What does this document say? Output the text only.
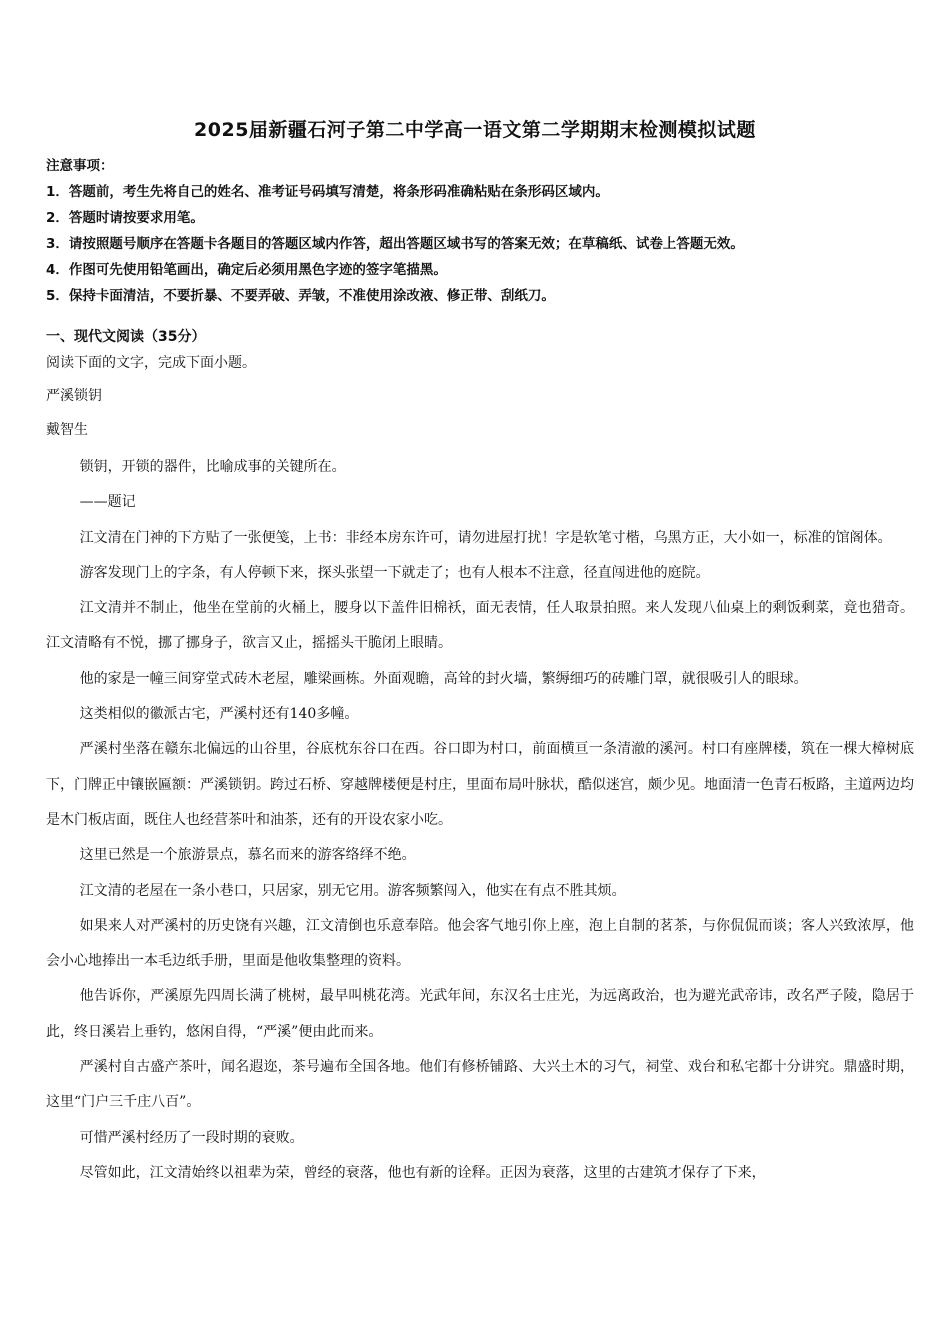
2025届新疆石河子第二中学高一语文第二学期期末检测模拟试题
注意事项：
1．答题前，考生先将自己的姓名、准考证号码填写清楚，将条形码准确粘贴在条形码区域内。
2．答题时请按要求用笔。
3．请按照题号顺序在答题卡各题目的答题区域内作答，超出答题区域书写的答案无效；在草稿纸、试卷上答题无效。
4．作图可先使用铅笔画出，确定后必须用黑色字迹的签字笔描黑。
5．保持卡面清洁，不要折暴、不要弄破、弄皱，不准使用涂改液、修正带、刮纸刀。
一、现代文阅读（35分）
阅读下面的文字，完成下面小题。
严溪锁钥
戴智生

锁钥，开锁的器件，比喻成事的关键所在。

——题记

江文清在门神的下方贴了一张便笺，上书：非经本房东许可，请勿进屋打扰！字是软笔寸楷，乌黑方正，大小如一，标准的馆阁体。

游客发现门上的字条，有人停顿下来，探头张望一下就走了；也有人根本不注意，径直闯进他的庭院。

江文清并不制止，他坐在堂前的火桶上，腰身以下盖件旧棉袄，面无表情，任人取景拍照。来人发现八仙桌上的剩饭剩菜，竟也猎奇。江文清略有不悦，挪了挪身子，欲言又止，摇摇头干脆闭上眼睛。

他的家是一幢三间穿堂式砖木老屋，雕梁画栋。外面观瞻，高耸的封火墙，繁缛细巧的砖雕门罩，就很吸引人的眼球。

这类相似的徽派古宅，严溪村还有140多幢。

严溪村坐落在赣东北偏远的山谷里，谷底枕东谷口在西。谷口即为村口，前面横亘一条清澈的溪河。村口有座牌楼，筑在一棵大樟树底下，门牌正中镶嵌匾额：严溪锁钥。跨过石桥、穿越牌楼便是村庄，里面布局叶脉状，酷似迷宫，颇少见。地面清一色青石板路，主道两边均是木门板店面，既住人也经营茶叶和油茶，还有的开设农家小吃。

这里已然是一个旅游景点，慕名而来的游客络绎不绝。

江文清的老屋在一条小巷口，只居家，别无它用。游客频繁闯入，他实在有点不胜其烦。

如果来人对严溪村的历史饶有兴趣，江文清倒也乐意奉陪。他会客气地引你上座，泡上自制的茗茶，与你侃侃而谈；客人兴致浓厚，他会小心地捧出一本毛边纸手册，里面是他收集整理的资料。

他告诉你，严溪原先四周长满了桃树，最早叫桃花湾。光武年间，东汉名士庄光，为远离政治，也为避光武帝讳，改名严子陵，隐居于此，终日溪岩上垂钓，悠闲自得，“严溪”便由此而来。

严溪村自古盛产茶叶，闻名遐迩，茶号遍布全国各地。他们有修桥铺路、大兴土木的习气，祠堂、戏台和私宅都十分讲究。鼎盛时期，这里“门户三千庄八百”。

可惜严溪村经历了一段时期的衰败。

尽管如此，江文清始终以祖辈为荣，曾经的衰落，他也有新的诠释。正因为衰落，这里的古建筑才保存了下来，
